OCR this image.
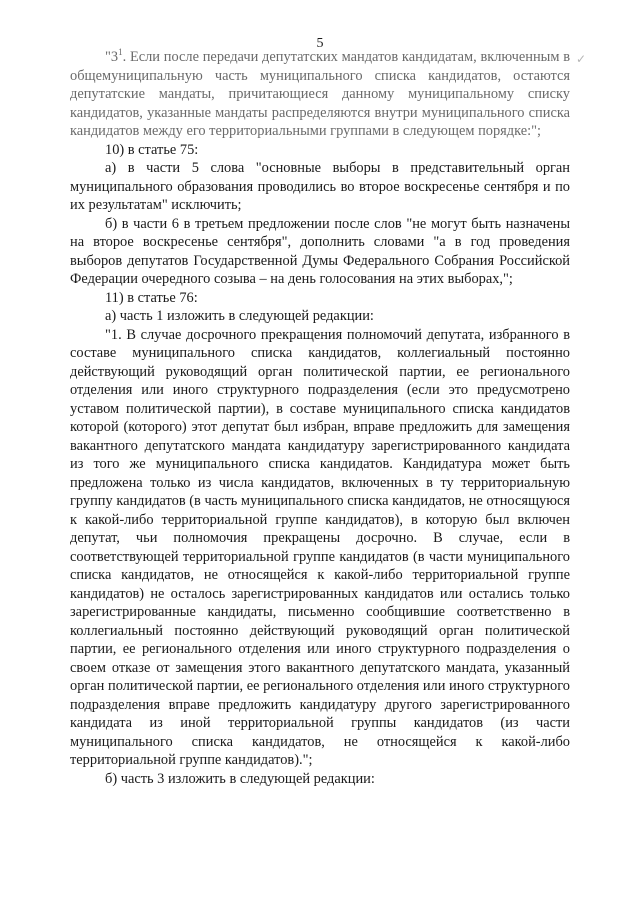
5
✓

"$3^1$. Если после передачи депутатских мандатов кандидатам, включенным в общемуниципальную часть муниципального списка кандидатов, остаются депутатские мандаты, причитающиеся данному муниципальному списку кандидатов, указанные мандаты распределяются внутри муниципального списка кандидатов между его территориальными группами в следующем порядке:";

10) в статье 75:

а) в части 5 слова "основные выборы в представительный орган муниципального образования проводились во второе воскресенье сентября и по их результатам" исключить;

б) в части 6 в третьем предложении после слов "не могут быть назначены на второе воскресенье сентября", дополнить словами "а в год проведения выборов депутатов Государственной Думы Федерального Собрания Российской Федерации очередного созыва – на день голосования на этих выборах,";

11) в статье 76:

а) часть 1 изложить в следующей редакции:

"1. В случае досрочного прекращения полномочий депутата, избранного в составе муниципального списка кандидатов, коллегиальный постоянно действующий руководящий орган политической партии, ее регионального отделения или иного структурного подразделения (если это предусмотрено уставом политической партии), в составе муниципального списка кандидатов которой (которого) этот депутат был избран, вправе предложить для замещения вакантного депутатского мандата кандидатуру зарегистрированного кандидата из того же муниципального списка кандидатов. Кандидатура может быть предложена только из числа кандидатов, включенных в ту территориальную группу кандидатов (в часть муниципального списка кандидатов, не относящуюся к какой-либо территориальной группе кандидатов), в которую был включен депутат, чьи полномочия прекращены досрочно. В случае, если в соответствующей территориальной группе кандидатов (в части муниципального списка кандидатов, не относящейся к какой-либо территориальной группе кандидатов) не осталось зарегистрированных кандидатов или остались только зарегистрированные кандидаты, письменно сообщившие соответственно в коллегиальный постоянно действующий руководящий орган политической партии, ее регионального отделения или иного структурного подразделения о своем отказе от замещения этого вакантного депутатского мандата, указанный орган политической партии, ее регионального отделения или иного структурного подразделения вправе предложить кандидатуру другого зарегистрированного кандидата из иной территориальной группы кандидатов (из части муниципального списка кандидатов, не относящейся к какой-либо территориальной группе кандидатов).";

б) часть 3 изложить в следующей редакции:
